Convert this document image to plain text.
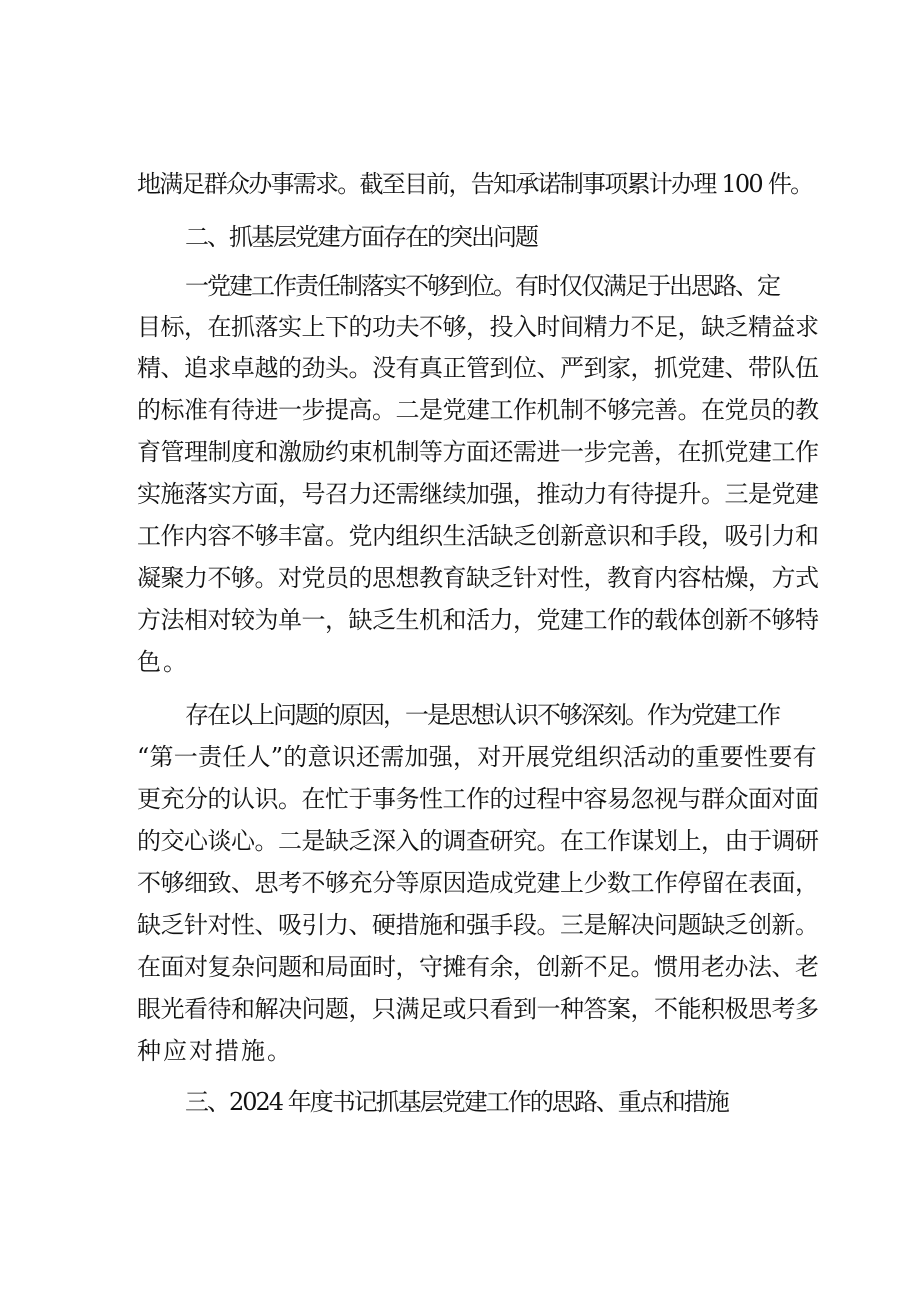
地满足群众办事需求。截至目前，告知承诺制事项累计办理 100 件。
二、抓基层党建方面存在的突出问题
一党建工作责任制落实不够到位。有时仅仅满足于出思路、定
目标，在抓落实上下的功夫不够，投入时间精力不足，缺乏精益求
精、追求卓越的劲头。没有真正管到位、严到家，抓党建、带队伍
的标准有待进一步提高。二是党建工作机制不够完善。在党员的教
育管理制度和激励约束机制等方面还需进一步完善，在抓党建工作
实施落实方面，号召力还需继续加强，推动力有待提升。三是党建
工作内容不够丰富。党内组织生活缺乏创新意识和手段，吸引力和
凝聚力不够。对党员的思想教育缺乏针对性，教育内容枯燥，方式
方法相对较为单一，缺乏生机和活力，党建工作的载体创新不够特
色。
存在以上问题的原因，一是思想认识不够深刻。作为党建工作
“第一责任人”的意识还需加强，对开展党组织活动的重要性要有
更充分的认识。在忙于事务性工作的过程中容易忽视与群众面对面
的交心谈心。二是缺乏深入的调查研究。在工作谋划上，由于调研
不够细致、思考不够充分等原因造成党建上少数工作停留在表面，
缺乏针对性、吸引力、硬措施和强手段。三是解决问题缺乏创新。
在面对复杂问题和局面时，守摊有余，创新不足。惯用老办法、老
眼光看待和解决问题，只满足或只看到一种答案，不能积极思考多
种应对措施。
三、2024 年度书记抓基层党建工作的思路、重点和措施
